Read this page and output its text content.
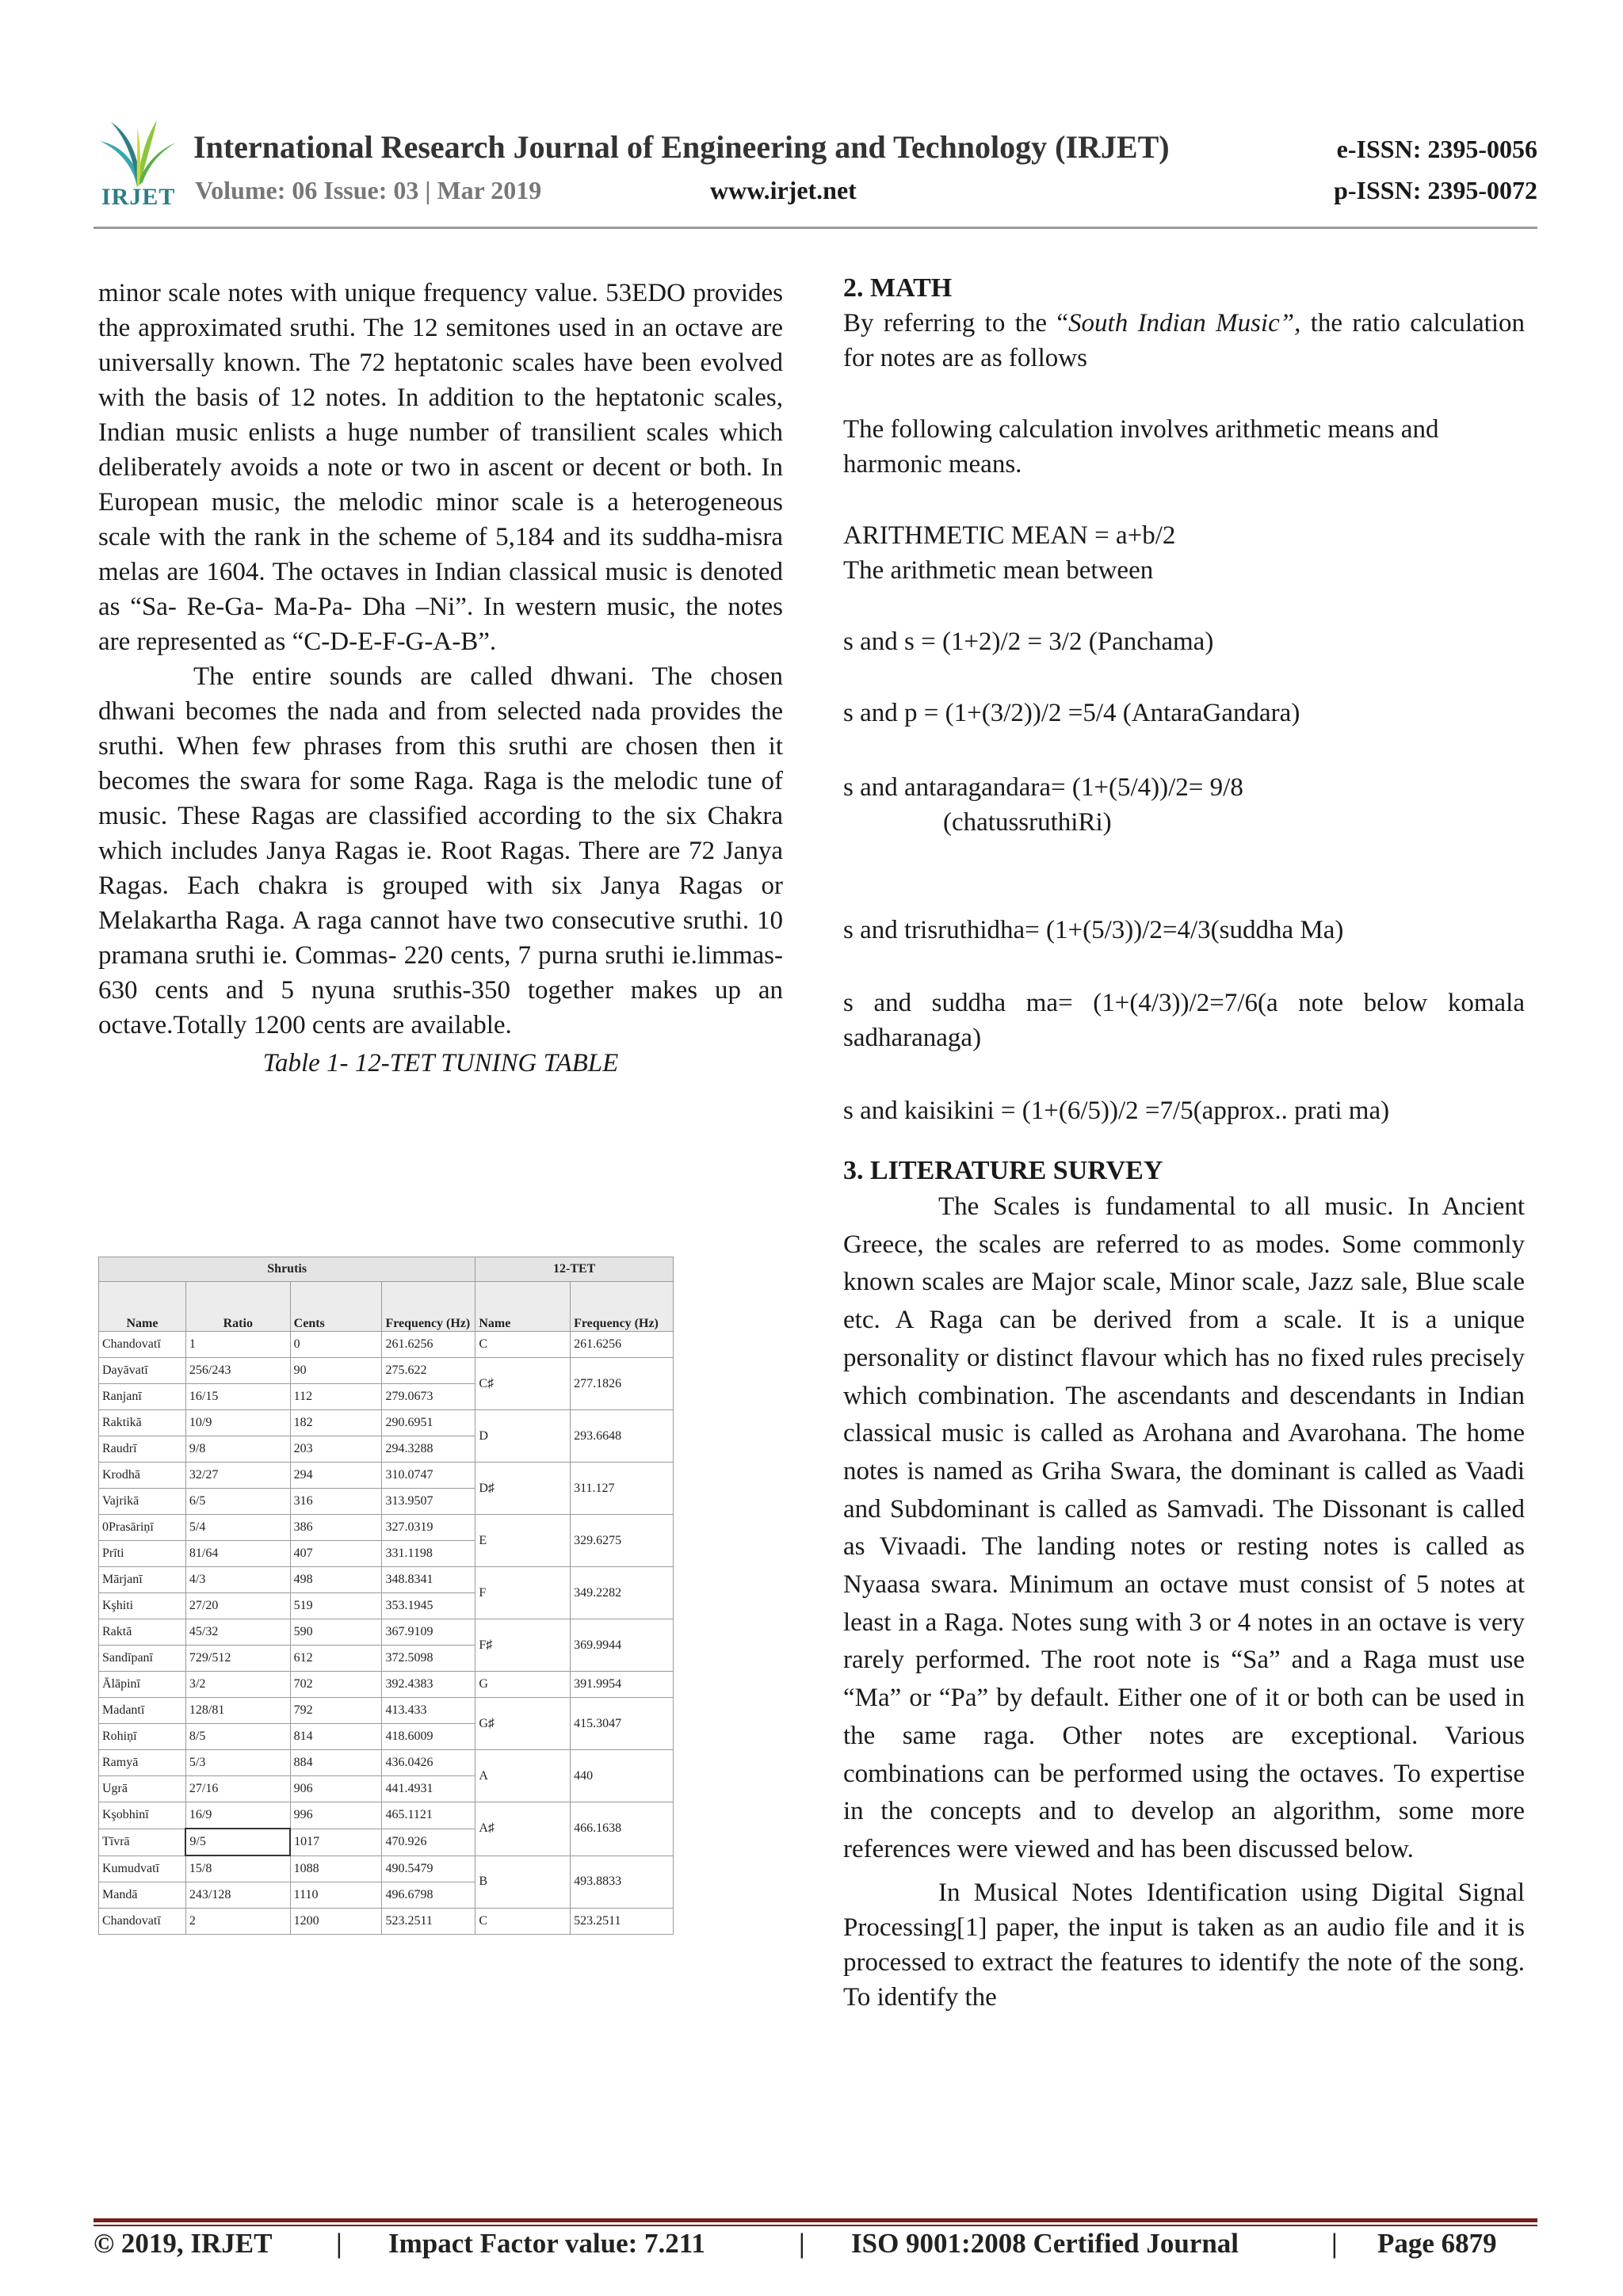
IRJET
International Research Journal of Engineering and Technology (IRJET)	e-ISSN: 2395-0056
Volume: 06 Issue: 03 | Mar 2019	www.irjet.net	p-ISSN: 2395-0072

minor scale notes with unique frequency value. 53EDO provides the approximated sruthi. The 12 semitones used in an octave are universally known. The 72 heptatonic scales have been evolved with the basis of 12 notes. In addition to the heptatonic scales, Indian music enlists a huge number of transilient scales which deliberately avoids a note or two in ascent or decent or both. In European music, the melodic minor scale is a heterogeneous scale with the rank in the scheme of 5,184 and its suddha-misra melas are 1604. The octaves in Indian classical music is denoted as “Sa- Re-Ga- Ma-Pa- Dha –Ni”. In western music, the notes are represented as “C-D-E-F-G-A-B”.

The entire sounds are called dhwani. The chosen dhwani becomes the nada and from selected nada provides the sruthi. When few phrases from this sruthi are chosen then it becomes the swara for some Raga. Raga is the melodic tune of music. These Ragas are classified according to the six Chakra which includes Janya Ragas ie. Root Ragas. There are 72 Janya Ragas. Each chakra is grouped with six Janya Ragas or Melakartha Raga. A raga cannot have two consecutive sruthi. 10 pramana sruthi ie. Commas- 220 cents, 7 purna sruthi ie.limmas-630 cents and 5 nyuna sruthis-350 together makes up an octave.Totally 1200 cents are available.

Table 1- 12-TET TUNING TABLE

Shrutis				12-TET	
Name	Ratio	Cents	Frequency (Hz)	Name	Frequency (Hz)
Chandovatī	1	0	261.6256	C	261.6256
Dayāvatī	256/243	90	275.622	C♯	277.1826
Ranjanī	16/15	112	279.0673		
Raktikā	10/9	182	290.6951	D	293.6648
Raudrī	9/8	203	294.3288		
Krodhā	32/27	294	310.0747	D♯	311.127
Vajrikā	6/5	316	313.9507		
0Prasāriņī	5/4	386	327.0319	E	329.6275
Prīti	81/64	407	331.1198		
Mārjanī	4/3	498	348.8341	F	349.2282
Kşhiti	27/20	519	353.1945		
Raktā	45/32	590	367.9109	F♯	369.9944
Sandīpanī	729/512	612	372.5098		
Ālāpinī	3/2	702	392.4383	G	391.9954
Madantī	128/81	792	413.433	G♯	415.3047
Rohiņī	8/5	814	418.6009		
Ramyā	5/3	884	436.0426	A	440
Ugrā	27/16	906	441.4931		
Kşobhinī	16/9	996	465.1121	A♯	466.1638
Tīvrā	9/5	1017	470.926		
Kumudvatī	15/8	1088	490.5479	B	493.8833
Mandā	243/128	1110	496.6798		
Chandovatī	2	1200	523.2511	C	523.2511

2. MATH

By referring to the “South Indian Music”, the ratio calculation for notes are as follows

The following calculation involves arithmetic means and harmonic means.

ARITHMETIC MEAN = a+b/2

The arithmetic mean between

s and s = (1+2)/2 = 3/2 (Panchama)

s and p = (1+(3/2))/2 =5/4 (AntaraGandara)

s and antaragandara= (1+(5/4))/2= 9/8

(chatussruthiRi)

s and trisruthidha= (1+(5/3))/2=4/3(suddha Ma)

s and suddha ma= (1+(4/3))/2=7/6(a note below komala sadharanaga)

s and kaisikini = (1+(6/5))/2 =7/5(approx.. prati ma)

3. LITERATURE SURVEY

The Scales is fundamental to all music. In Ancient Greece, the scales are referred to as modes. Some commonly known scales are Major scale, Minor scale, Jazz sale, Blue scale etc. A Raga can be derived from a scale. It is a unique personality or distinct flavour which has no fixed rules precisely which combination. The ascendants and descendants in Indian classical music is called as Arohana and Avarohana. The home notes is named as Griha Swara, the dominant is called as Vaadi and Subdominant is called as Samvadi. The Dissonant is called as Vivaadi. The landing notes or resting notes is called as Nyaasa swara. Minimum an octave must consist of 5 notes at least in a Raga. Notes sung with 3 or 4 notes in an octave is very rarely performed. The root note is “Sa” and a Raga must use “Ma” or “Pa” by default. Either one of it or both can be used in the same raga. Other notes are exceptional. Various combinations can be performed using the octaves. To expertise in the concepts and to develop an algorithm, some more references were viewed and has been discussed below.

In Musical Notes Identification using Digital Signal Processing[1] paper, the input is taken as an audio file and it is processed to extract the features to identify the note of the song. To identify the

© 2019, IRJET | Impact Factor value: 7.211	| ISO 9001:2008 Certified Journal	| Page 6879
